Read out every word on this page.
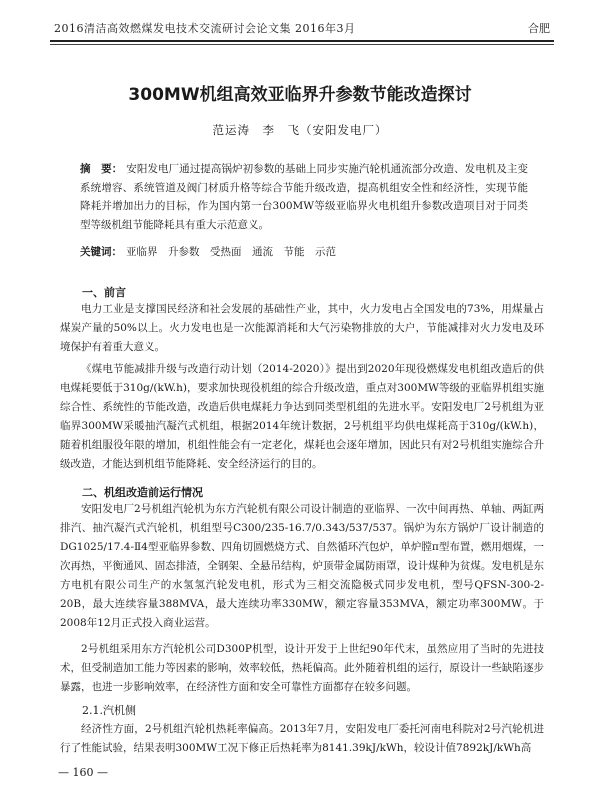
2016清洁高效燃煤发电技术交流研讨会论文集 2016年3月	合肥
300MW机组高效亚临界升参数节能改造探讨
范运涛　李　飞（安阳发电厂）
摘　要： 安阳发电厂通过提高锅炉初参数的基础上同步实施汽轮机通流部分改造、发电机及主变系统增容、系统管道及阀门材质升格等综合节能升级改造，提高机组安全性和经济性，实现节能降耗并增加出力的目标，作为国内第一台300MW等级亚临界火电机组升参数改造项目对于同类型等级机组节能降耗具有重大示范意义。
关键词： 亚临界　升参数　受热面　通流　节能　示范
一、前言
电力工业是支撑国民经济和社会发展的基础性产业，其中，火力发电占全国发电的73%，用煤量占煤炭产量的50%以上。火力发电也是一次能源消耗和大气污染物排放的大户，节能减排对火力发电及环境保护有着重大意义。
《煤电节能减排升级与改造行动计划（2014-2020）》提出到2020年现役燃煤发电机组改造后的供电煤耗要低于310g/(kW.h)，要求加快现役机组的综合升级改造，重点对300MW等级的亚临界机组实施综合性、系统性的节能改造，改造后供电煤耗力争达到同类型机组的先进水平。安阳发电厂2号机组为亚临界300MW采暖抽汽凝汽式机组，根据2014年统计数据，2号机组平均供电煤耗高于310g/(kW.h)，随着机组服役年限的增加，机组性能会有一定老化，煤耗也会逐年增加，因此只有对2号机组实施综合升级改造，才能达到机组节能降耗、安全经济运行的目的。
二、机组改造前运行情况
安阳发电厂2号机组汽轮机为东方汽轮机有限公司设计制造的亚临界、一次中间再热、单轴、两缸两排汽、抽汽凝汽式汽轮机，机组型号C300/235-16.7/0.343/537/537。锅炉为东方锅炉厂设计制造的DG1025/17.4-Ⅱ4型亚临界参数、四角切圆燃烧方式、自然循环汽包炉，单炉膛π型布置，燃用烟煤，一次再热，平衡通风、固态排渣，全钢架、全悬吊结构，炉顶带金属防雨罩，设计煤种为贫煤。发电机是东方电机有限公司生产的水氢氢汽轮发电机，形式为三相交流隐极式同步发电机，型号QFSN-300-2-20B，最大连续容量388MVA，最大连续功率330MW，额定容量353MVA，额定功率300MW。于2008年12月正式投入商业运营。
2号机组采用东方汽轮机公司D300P机型，设计开发于上世纪90年代末，虽然应用了当时的先进技术，但受制造加工能力等因素的影响，效率较低，热耗偏高。此外随着机组的运行，原设计一些缺陷逐步暴露，也进一步影响效率，在经济性方面和安全可靠性方面都存在较多问题。
2.1.汽机侧
经济性方面，2号机组汽轮机热耗率偏高。2013年7月，安阳发电厂委托河南电科院对2号汽轮机进行了性能试验，结果表明300MW工况下修正后热耗率为8141.39kJ/kWh，较设计值7892kJ/kWh高
— 160 —
